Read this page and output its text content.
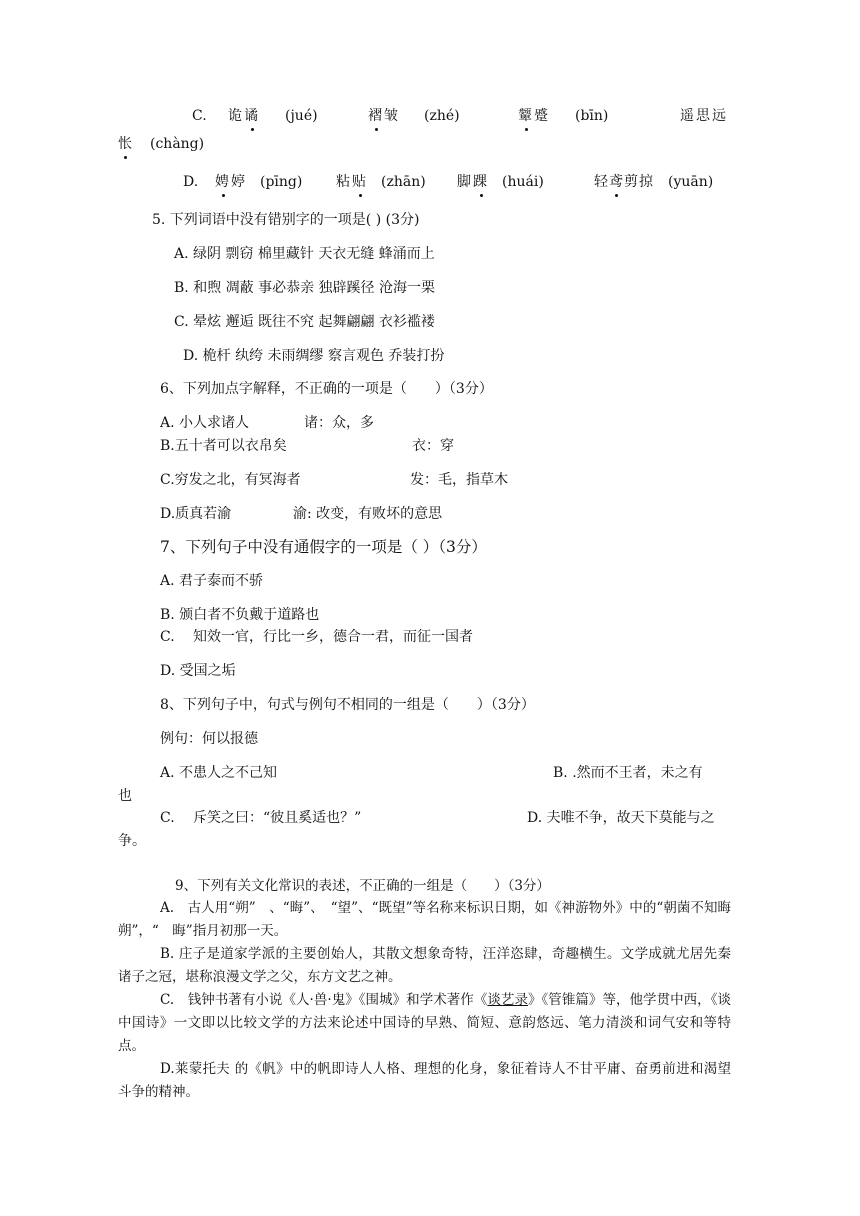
C. 诡谲 (jué)	褶皱 (zhé)	颦蹙 (bīn)	遥思远
怅 (chàng)
D. 娉婷 (pīng) 粘贴 (zhān) 脚踝 (huái)	轻鸢剪掠 (yuān)
5. 下列词语中没有错别字的一项是( ) (3分)
A. 绿阴 剽窃 棉里藏针 天衣无缝 蜂涌而上
B. 和煦 凋蔽 事必恭亲 独辟蹊径 沧海一栗
C. 晕炫 邂逅 既往不究 起舞翩翩 衣衫褴褛
D. 桅杆 纨绔 未雨绸缪 察言观色 乔装打扮
6、下列加点字解释，不正确的一项是（　　）（3分）
A. 小人求诸人	诸：众，多
B.五十者可以衣帛矣	衣：穿
C.穷发之北，有冥海者	发：毛，指草木
D.质真若渝	渝: 改变，有败坏的意思
7、下列句子中没有通假字的一项是（ ）（3分）
A. 君子泰而不骄
B. 颁白者不负戴于道路也
C. 知效一官，行比一乡，德合一君，而征一国者
D. 受国之垢
8、下列句子中，句式与例句不相同的一组是（　　）（3分）
例句：何以报德
A. 不患人之不己知	B. .然而不王者，未之有
也
C. 斥笑之曰：“彼且奚适也？”	D. 夫唯不争，故天下莫能与之
争。
9、下列有关文化常识的表述，不正确的一组是（　　）（3分）
A.　古人用“朔”　、“晦”、　“望”、“既望”等名称来标识日期，如《神游物外》中的“朝菌不知晦朔”，“　晦”指月初那一天。
B. 庄子是道家学派的主要创始人，其散文想象奇特，汪洋恣肆，奇趣横生。文学成就尤居先秦诸子之冠，堪称浪漫文学之父，东方文艺之神。
C.　钱钟书著有小说《人·兽·鬼》《围城》和学术著作《谈艺录》《管锥篇》等，他学贯中西，《谈中国诗》一文即以比较文学的方法来论述中国诗的早熟、简短、意韵悠远、笔力清淡和词气安和等特点。
D.莱蒙托夫 的《帆》中的帆即诗人人格、理想的化身，象征着诗人不甘平庸、奋勇前进和渴望斗争的精神。
